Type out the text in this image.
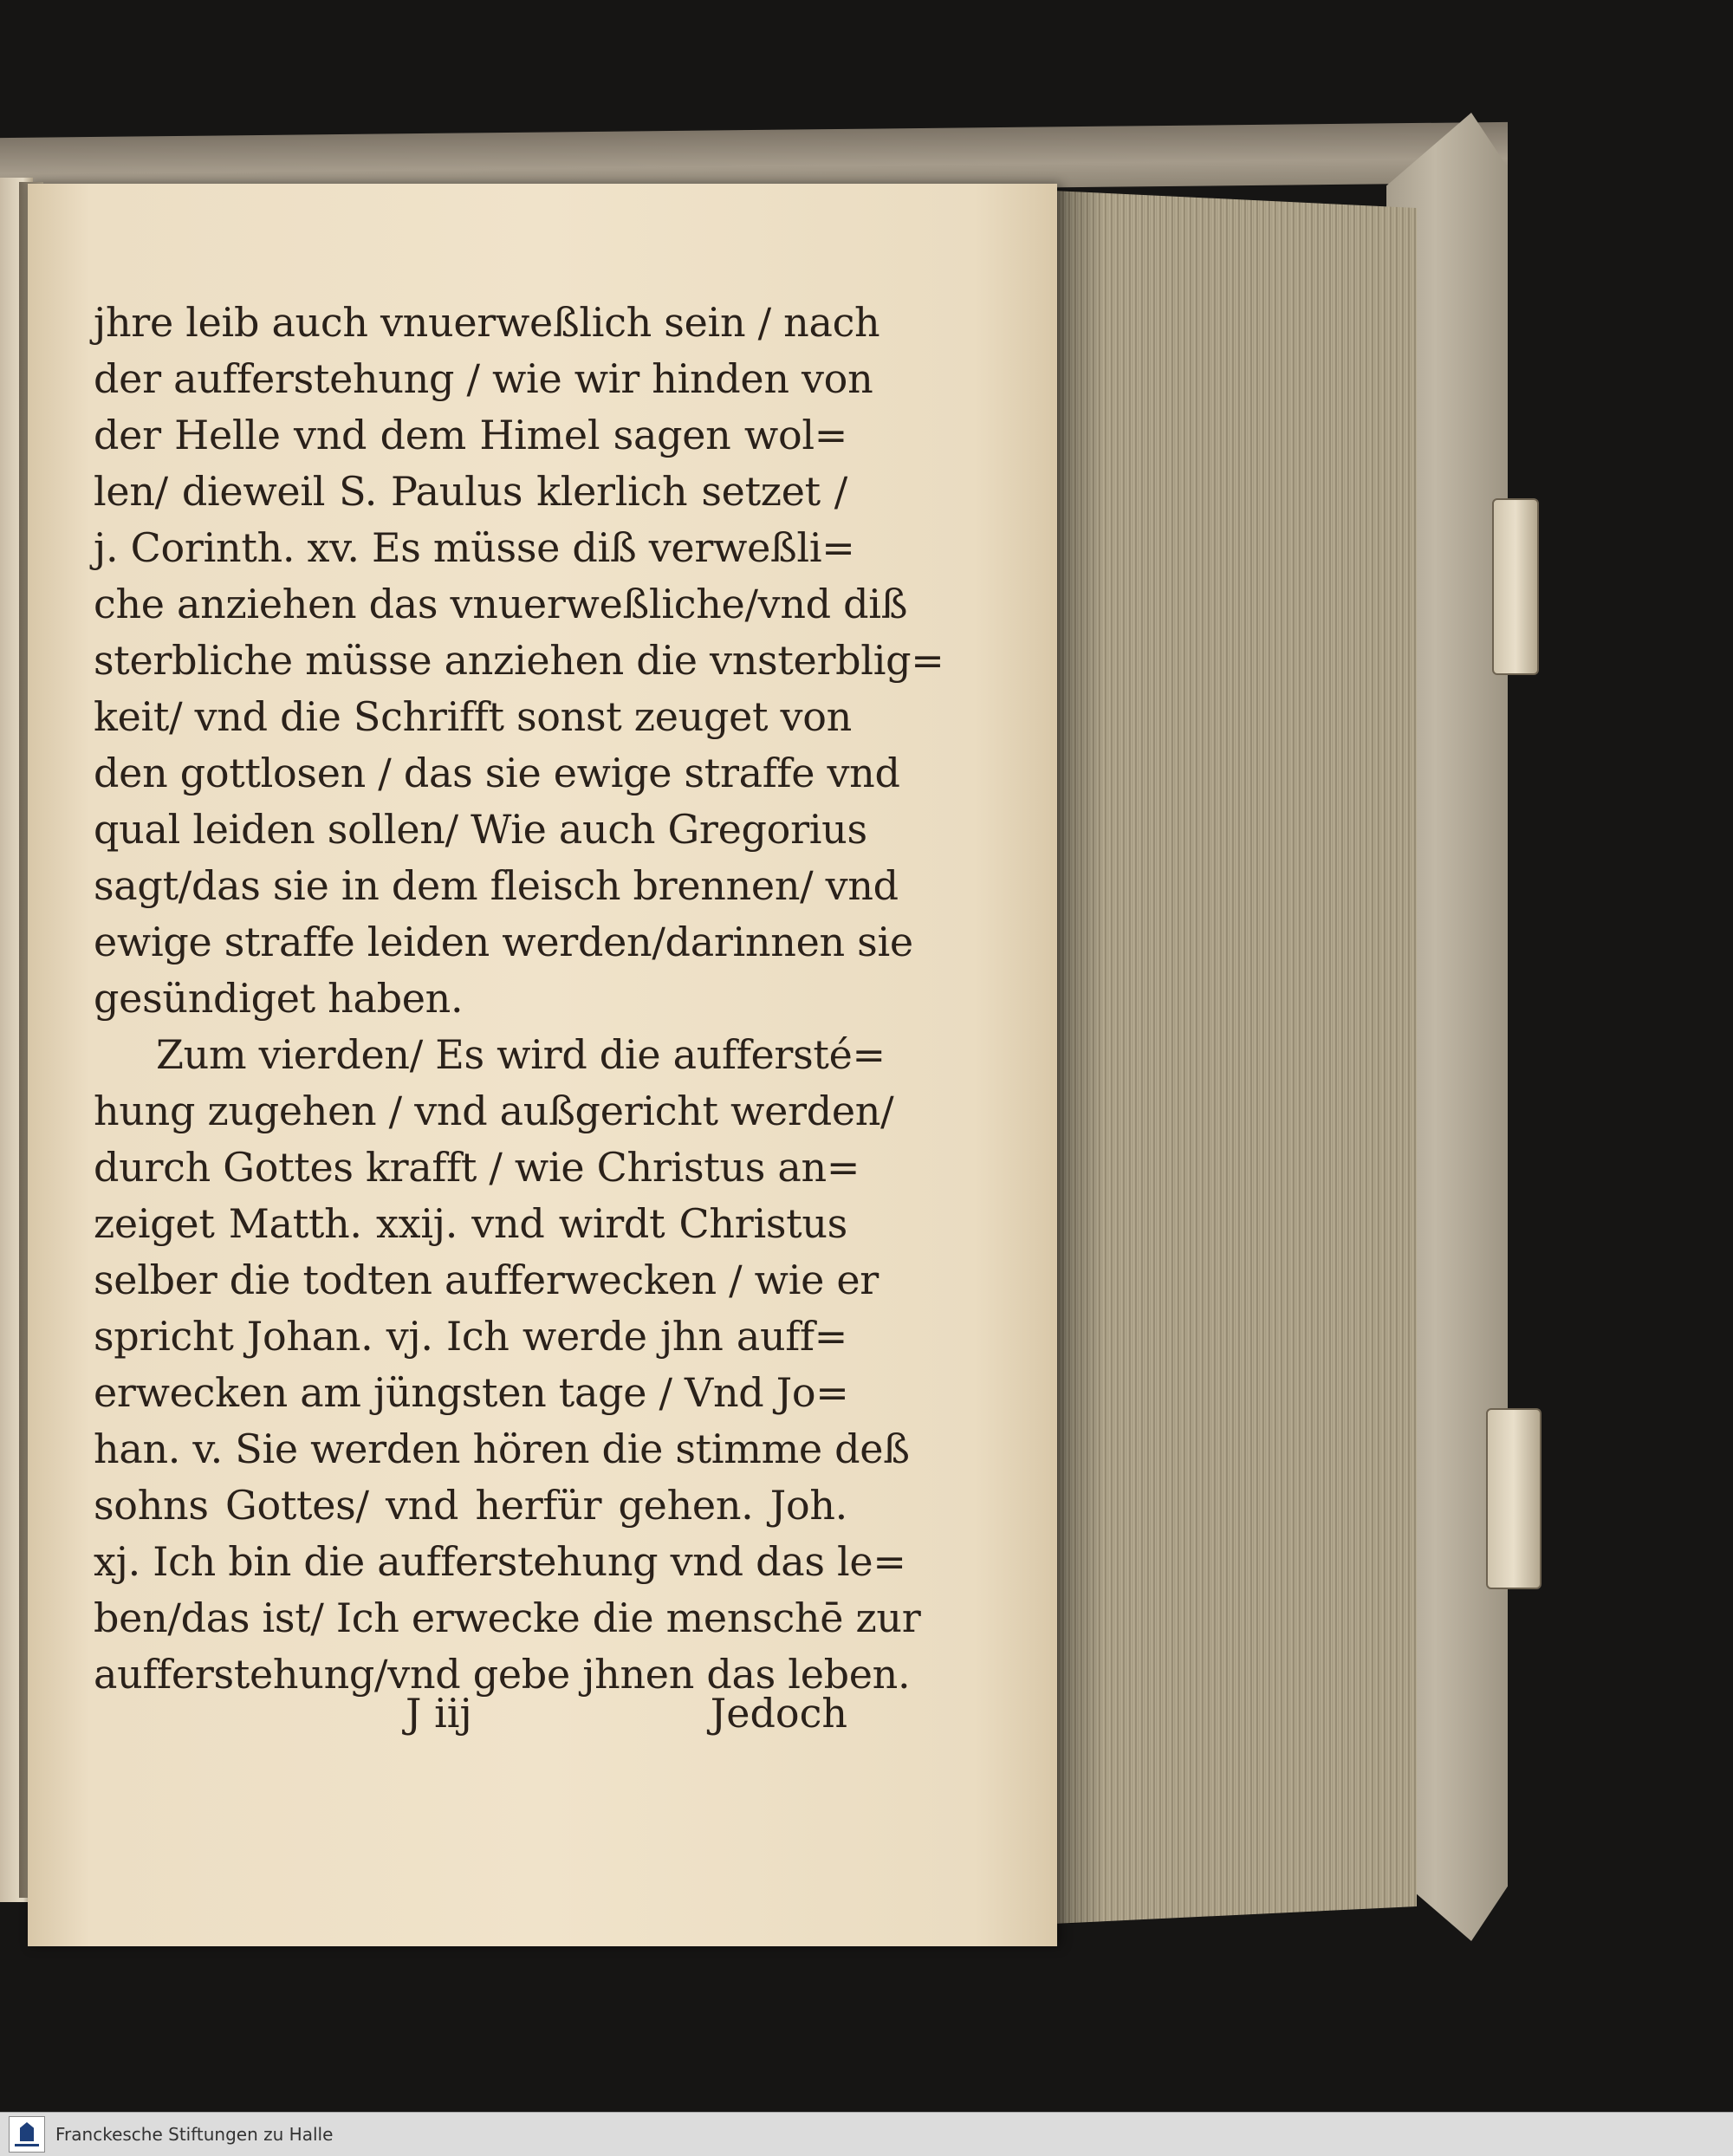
jhre leib auch vnuerweßlich sein / nach
der aufferstehung / wie wir hinden von
der Helle vnd dem Himel sagen wol=
len/ dieweil S. Paulus klerlich setzet /
j. Corinth. xv. Es müsse diß verweßli=
che anziehen das vnuerweßliche/vnd diß
sterbliche müsse anziehen die vnsterblig=
keit/ vnd die Schrifft sonst zeuget von
den gottlosen / das sie ewige straffe vnd
qual leiden sollen/ Wie auch Gregorius
sagt/das sie in dem fleisch brennen/ vnd
ewige straffe leiden werden/darinnen sie
gesündiget haben.
Zum vierden/ Es wird die auffersté=
hung zugehen / vnd außgericht werden/
durch Gottes krafft / wie Christus an=
zeiget Matth. xxij. vnd wirdt Christus
selber die todten aufferwecken / wie er
spricht Johan. vj. Ich werde jhn auff=
erwecken am jüngsten tage / Vnd Jo=
han. v. Sie werden hören die stimme deß
sohns Gottes/ vnd herfür gehen. Joh.
xj. Ich bin die aufferstehung vnd das le=
ben/das ist/ Ich erwecke die menschē zur
aufferstehung/vnd gebe jhnen das leben.
J iij	Jedoch
Franckesche Stiftungen zu Halle
